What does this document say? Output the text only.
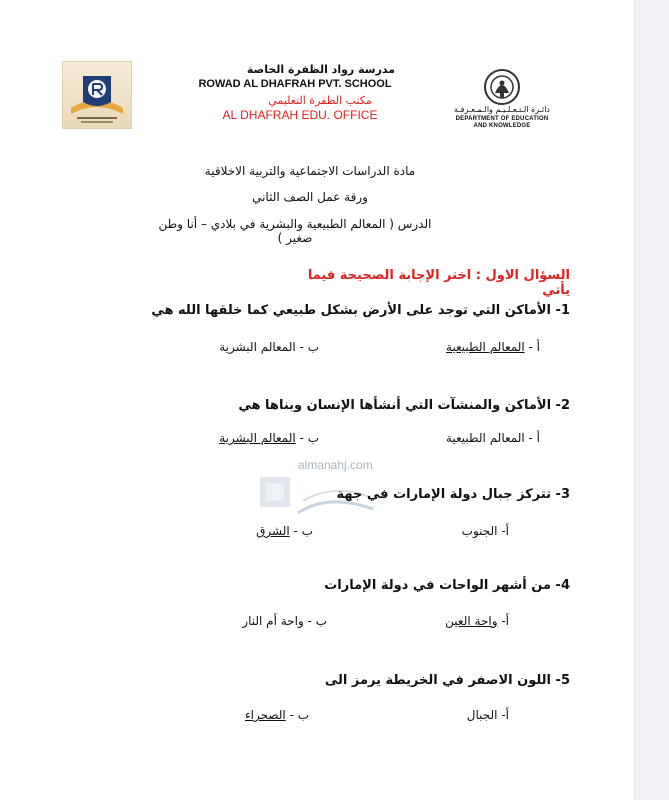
مدرسة رواد الظفرة الخاصة
ROWAD AL DHAFRAH PVT. SCHOOL
مكتب الظفرة التعليمي
AL DHAFRAH EDU. OFFICE	دائـرة الـتـعـلـيـم والـمـعـرفـة
DEPARTMENT OF EDUCATION
AND KNOWLEDGE
مادة الدراسات الاجتماعية والتربية الاخلاقية
ورقة عمل الصف الثاني
الدرس ( المعالم الطبيعية والبشرية في بلادي – أنا وطن صغير )
السؤال الاول : اختر الإجابة الصحيحة فيما يأتي
1- الأماكن التي توجد على الأرض بشكل طبيعي كما خلقها الله هي
أ - المعالم الطبيعية
ب - المعالم البشرية
2- الأماكن والمنشآت التي أنشأها الإنسان وبناها هي
أ - المعالم الطبيعية
ب - المعالم البشرية
almanahj.com
3- تتركز جبال دولة الإمارات في جهة
أ- الجنوب
ب - الشرق
4- من أشهر الواحات في دولة الإمارات
أ- واحة العين
ب - واحة أم النار
5- اللون الاصفر في الخريطة يرمز الى
أ- الجبال
ب - الصحراء
